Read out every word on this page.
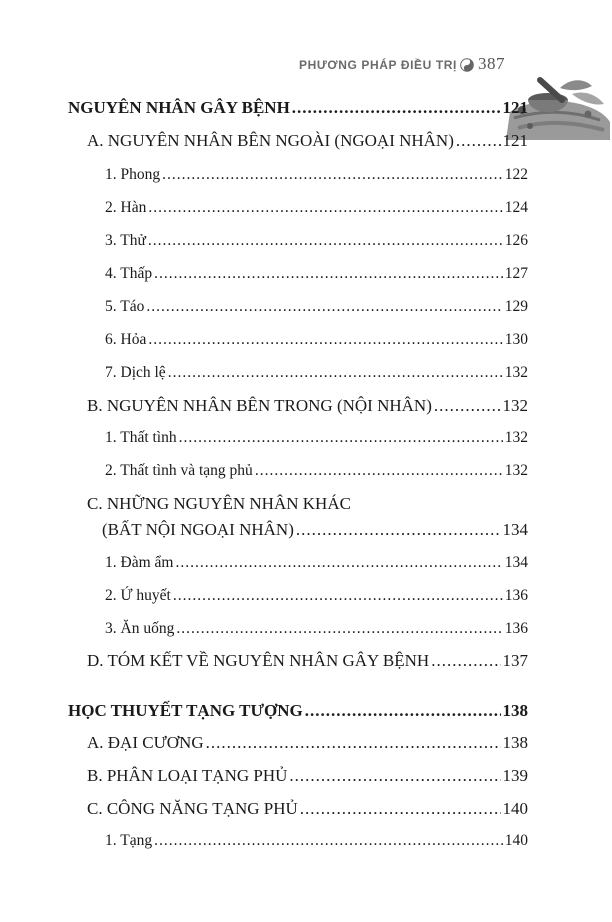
PHƯƠNG PHÁP ĐIỀU TRỊ 387
NGUYÊN NHÂN GÂY BỆNH .....	121
A. NGUYÊN NHÂN BÊN NGOÀI (NGOẠI NHÂN) .....	121
1. Phong .....	122
2. Hàn .....	124
3. Thử .....	126
4. Thấp .....	127
5. Táo .....	129
6. Hỏa .....	130
7. Dịch lệ .....	132
B. NGUYÊN NHÂN BÊN TRONG (NỘI NHÂN) .....	132
1. Thất tình .....	132
2. Thất tình và tạng phủ .....	132
C. NHỮNG NGUYÊN NHÂN KHÁC
(BẤT NỘI NGOẠI NHÂN) .....	134
1. Đàm ẩm .....	134
2. Ứ huyết .....	136
3. Ăn uống .....	136
D. TÓM KẾT VỀ NGUYÊN NHÂN GÂY BỆNH .....	137
HỌC THUYẾT TẠNG TƯỢNG .....	138
A. ĐẠI CƯƠNG .....	138
B. PHÂN LOẠI TẠNG PHỦ .....	139
C. CÔNG NĂNG TẠNG PHỦ .....	140
1. Tạng .....	140
